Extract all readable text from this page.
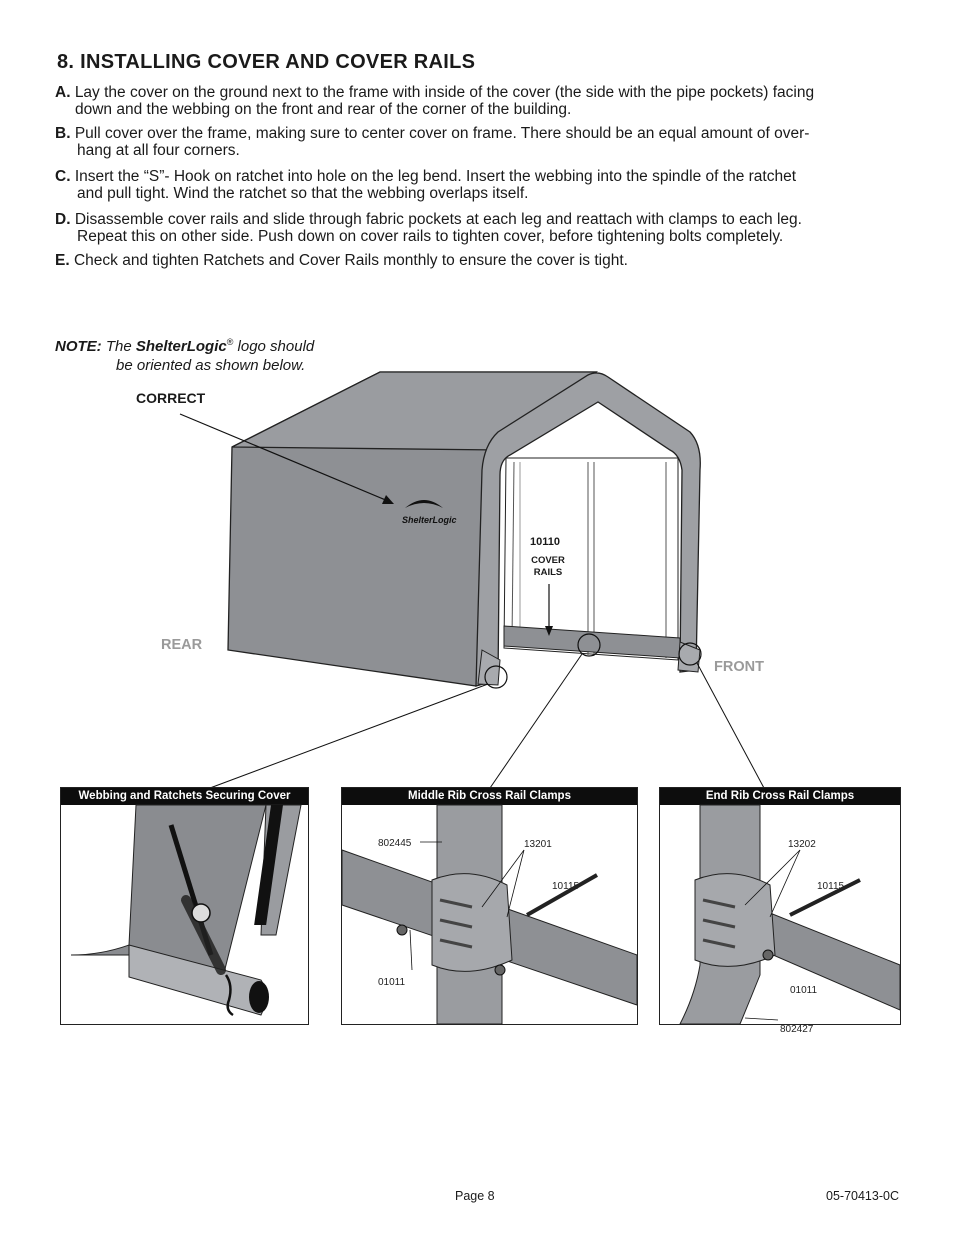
8. INSTALLING COVER AND COVER RAILS
A. Lay the cover on the ground next to the frame with inside of the cover (the side with the pipe pockets) facing
down and the webbing on the front and rear of the corner of the building.
B. Pull cover over the frame, making sure to center cover on frame. There should be an equal amount of over-
hang at all four corners.
C. Insert the “S”- Hook on ratchet into hole on the leg bend. Insert the webbing into the spindle of the ratchet
and pull tight. Wind the ratchet so that the webbing overlaps itself.
D. Disassemble cover rails and slide through fabric pockets at each leg and reattach with clamps to each leg.
Repeat this on other side. Push down on cover rails to tighten cover, before tightening bolts completely.
E. Check and tighten Ratchets and Cover Rails monthly to ensure the cover is tight.
NOTE: The ShelterLogic® logo should
be oriented as shown below.
ShelterLogic
CORRECT
REAR
FRONT
10110
COVER
RAILS
Webbing and Ratchets Securing Cover	Middle Rib Cross Rail Clamps
802445	13201
10115
01011
End Rib Cross Rail Clamps
13202
10115
01011
802427
Page 8	05-70413-0C
